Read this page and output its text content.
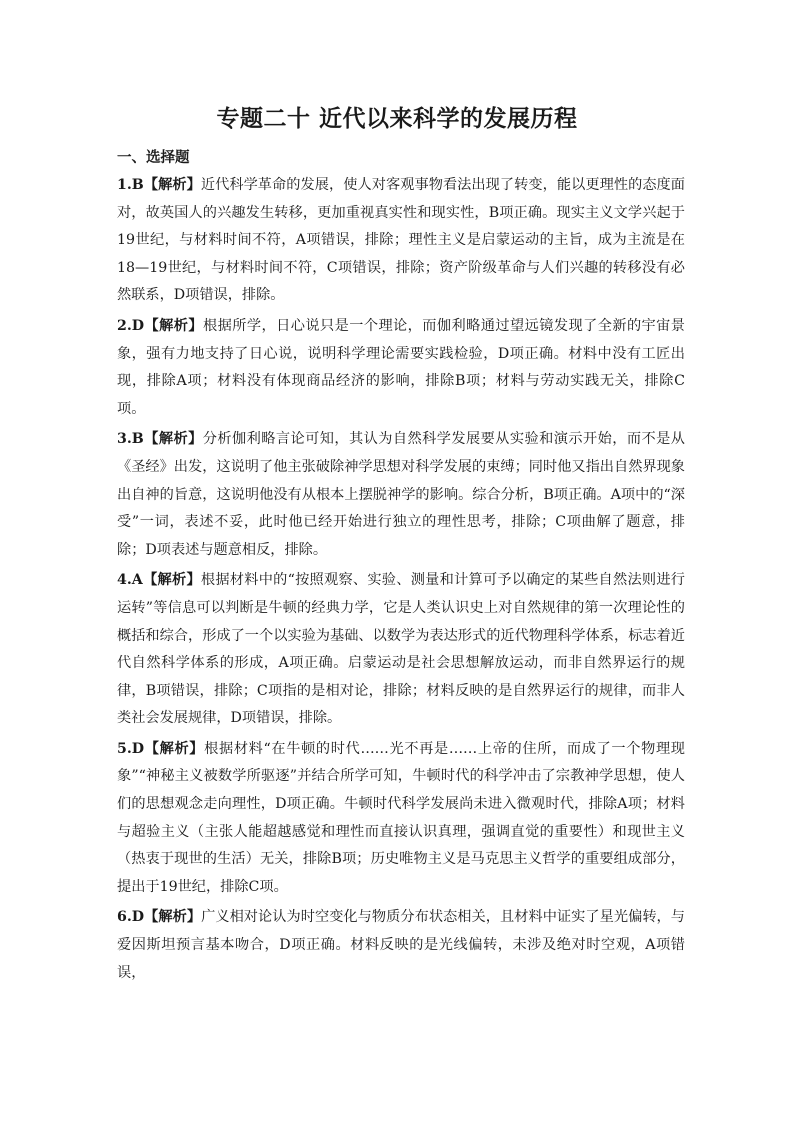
专题二十 近代以来科学的发展历程
一、选择题

1.B【解析】近代科学革命的发展，使人对客观事物看法出现了转变，能以更理性的态度面对，故英国人的兴趣发生转移，更加重视真实性和现实性，B项正确。现实主义文学兴起于19世纪，与材料时间不符，A项错误，排除；理性主义是启蒙运动的主旨，成为主流是在18—19世纪，与材料时间不符，C项错误，排除；资产阶级革命与人们兴趣的转移没有必然联系，D项错误，排除。

2.D【解析】根据所学，日心说只是一个理论，而伽利略通过望远镜发现了全新的宇宙景象，强有力地支持了日心说，说明科学理论需要实践检验，D项正确。材料中没有工匠出现，排除A项；材料没有体现商品经济的影响，排除B项；材料与劳动实践无关，排除C项。

3.B【解析】分析伽利略言论可知，其认为自然科学发展要从实验和演示开始，而不是从《圣经》出发，这说明了他主张破除神学思想对科学发展的束缚；同时他又指出自然界现象出自神的旨意，这说明他没有从根本上摆脱神学的影响。综合分析，B项正确。A项中的“深受”一词，表述不妥，此时他已经开始进行独立的理性思考，排除；C项曲解了题意，排除；D项表述与题意相反，排除。

4.A【解析】根据材料中的“按照观察、实验、测量和计算可予以确定的某些自然法则进行运转”等信息可以判断是牛顿的经典力学，它是人类认识史上对自然规律的第一次理论性的概括和综合，形成了一个以实验为基础、以数学为表达形式的近代物理科学体系，标志着近代自然科学体系的形成，A项正确。启蒙运动是社会思想解放运动，而非自然界运行的规律，B项错误，排除；C项指的是相对论，排除；材料反映的是自然界运行的规律，而非人类社会发展规律，D项错误，排除。

5.D【解析】根据材料“在牛顿的时代……光不再是……上帝的住所，而成了一个物理现象”“神秘主义被数学所驱逐”并结合所学可知，牛顿时代的科学冲击了宗教神学思想，使人们的思想观念走向理性，D项正确。牛顿时代科学发展尚未进入微观时代，排除A项；材料与超验主义（主张人能超越感觉和理性而直接认识真理，强调直觉的重要性）和现世主义（热衷于现世的生活）无关，排除B项；历史唯物主义是马克思主义哲学的重要组成部分，提出于19世纪，排除C项。

6.D【解析】广义相对论认为时空变化与物质分布状态相关，且材料中证实了星光偏转，与爱因斯坦预言基本吻合，D项正确。材料反映的是光线偏转，未涉及绝对时空观，A项错误，
